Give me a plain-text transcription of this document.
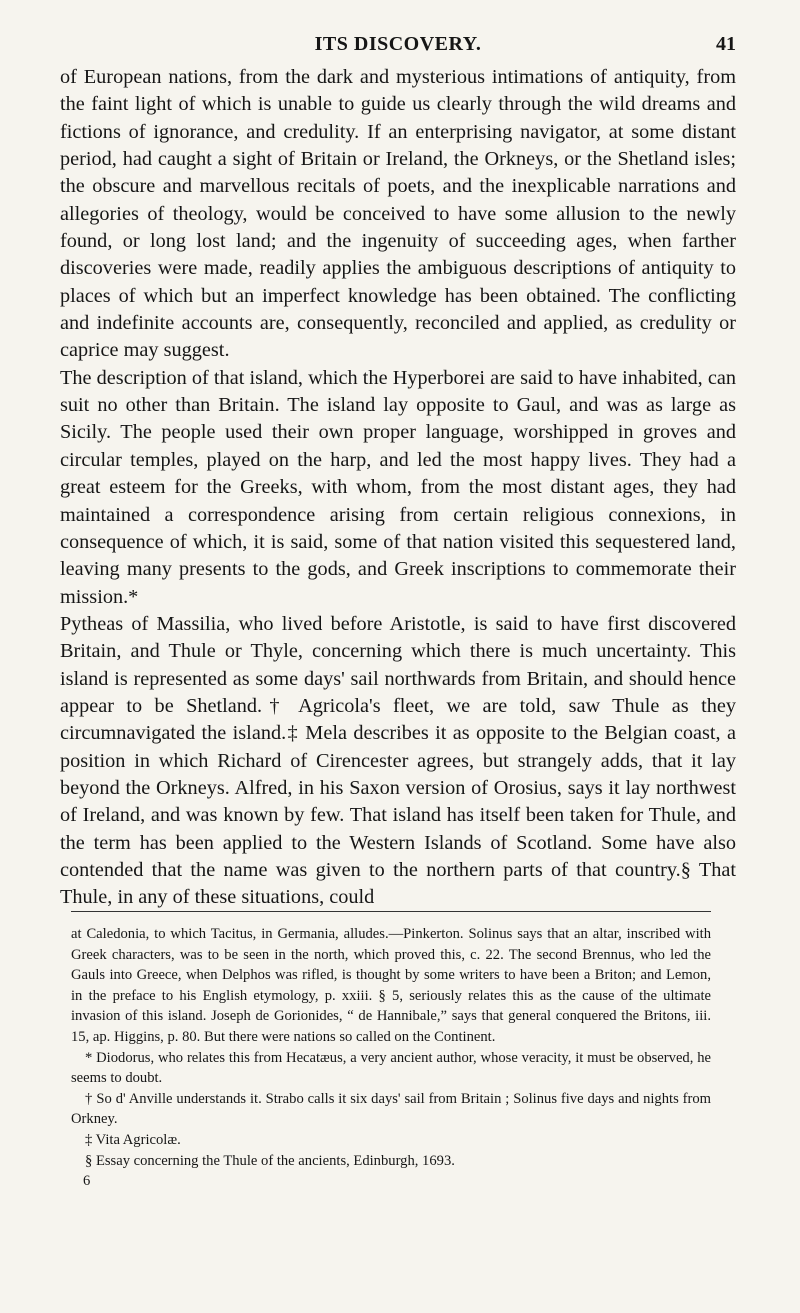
ITS DISCOVERY.	41

of European nations, from the dark and mysterious intimations of antiquity, from the faint light of which is unable to guide us clearly through the wild dreams and fictions of ignorance, and credulity. If an enterprising navigator, at some distant period, had caught a sight of Britain or Ireland, the Orkneys, or the Shetland isles; the obscure and marvellous recitals of poets, and the inexplicable narrations and allegories of theology, would be conceived to have some allusion to the newly found, or long lost land; and the ingenuity of succeeding ages, when farther discoveries were made, readily applies the ambiguous descriptions of antiquity to places of which but an imperfect knowledge has been obtained. The conflicting and indefinite accounts are, consequently, reconciled and applied, as credulity or caprice may suggest.

The description of that island, which the Hyperborei are said to have inhabited, can suit no other than Britain. The island lay opposite to Gaul, and was as large as Sicily. The people used their own proper language, worshipped in groves and circular temples, played on the harp, and led the most happy lives. They had a great esteem for the Greeks, with whom, from the most distant ages, they had maintained a correspondence arising from certain religious connexions, in consequence of which, it is said, some of that nation visited this sequestered land, leaving many presents to the gods, and Greek inscriptions to commemorate their mission.*

Pytheas of Massilia, who lived before Aristotle, is said to have first discovered Britain, and Thule or Thyle, concerning which there is much uncertainty. This island is represented as some days' sail northwards from Britain, and should hence appear to be Shetland.† Agricola's fleet, we are told, saw Thule as they circumnavigated the island.‡ Mela describes it as opposite to the Belgian coast, a position in which Richard of Cirencester agrees, but strangely adds, that it lay beyond the Orkneys. Alfred, in his Saxon version of Orosius, says it lay northwest of Ireland, and was known by few. That island has itself been taken for Thule, and the term has been applied to the Western Islands of Scotland. Some have also contended that the name was given to the northern parts of that country.§ That Thule, in any of these situations, could

at Caledonia, to which Tacitus, in Germania, alludes.—Pinkerton. Solinus says that an altar, inscribed with Greek characters, was to be seen in the north, which proved this, c. 22. The second Brennus, who led the Gauls into Greece, when Delphos was rifled, is thought by some writers to have been a Briton; and Lemon, in the preface to his English etymology, p. xxiii. § 5, seriously relates this as the cause of the ultimate invasion of this island. Joseph de Gorionides, “ de Hannibale,” says that general conquered the Britons, iii. 15, ap. Higgins, p. 80. But there were nations so called on the Continent.

* Diodorus, who relates this from Hecatæus, a very ancient author, whose veracity, it must be observed, he seems to doubt.

† So d' Anville understands it. Strabo calls it six days' sail from Britain ; Solinus five days and nights from Orkney.

‡ Vita Agricolæ.

§ Essay concerning the Thule of the ancients, Edinburgh, 1693.

6
